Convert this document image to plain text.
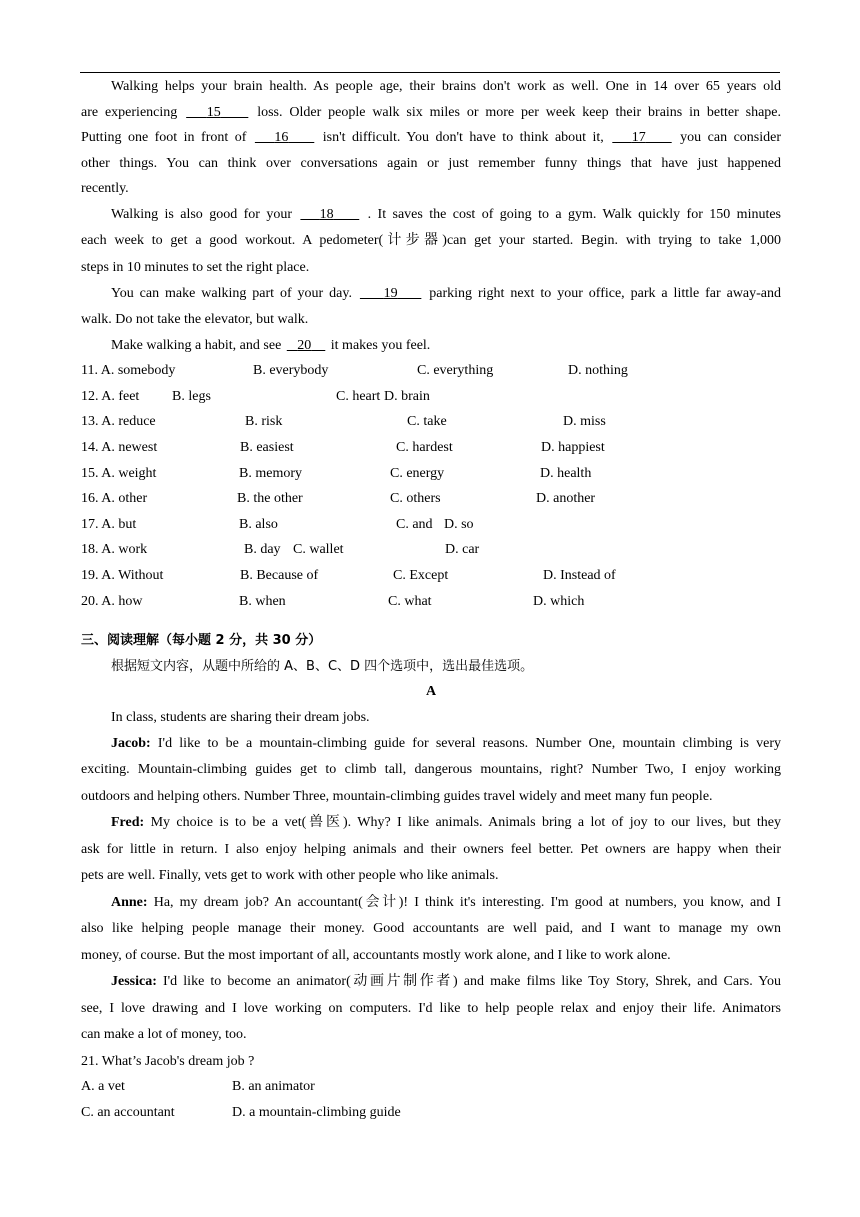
Walking helps your brain health. As people age, their brains don't work as well. One in 14 over 65 years old
are experiencing 15	loss. Older people walk six miles or more per week keep their brains in better shape.
Putting one foot in front of 16 isn't difficult. You don't have to think about it, 17 you can consider
other things. You can think over conversations again or just remember funny things that have just happened
recently.
Walking is also good for your 18 . It saves the cost of going to a gym. Walk quickly for 150 minutes
each week to get a good workout. A pedometer(计步器)can get your started. Begin. with trying to take 1,000
steps in 10 minutes to set the right place.
You can make walking part of your day. 19 parking right next to your office, park a little far away-and
walk. Do not take the elevator, but walk.
Make walking a habit, and see 20 it makes you feel.
11. A. somebody	B. everybody	C. everything	D. nothing
12. A. feet B. legs	C. heart D. brain
13. A. reduce	B. risk	C. take	D. miss
14. A. newest	B. easiest	C. hardest	D. happiest
15. A. weight	B. memory	C. energy	D. health
16. A. other	B. the other	C. others	D. another
17. A. but	B. also	C. and D. so
18. A. work	B. day C. wallet	D. car
19. A. Without	B. Because of	C. Except	D. Instead of
20. A. how	B. when	C. what	D. which
三、阅读理解（每小题 2 分，共 30 分）
根据短文内容，从题中所给的 A、B、C、D 四个选项中，选出最佳选项。
A
In class, students are sharing their dream jobs.
Jacob: I'd like to be a mountain-climbing guide for several reasons. Number One, mountain climbing is very
exciting. Mountain-climbing guides get to climb tall, dangerous mountains, right? Number Two, I enjoy working
outdoors and helping others. Number Three, mountain-climbing guides travel widely and meet many fun people.
Fred: My choice is to be a vet(兽医). Why? I like animals. Animals bring a lot of joy to our lives, but they
ask for little in return. I also enjoy helping animals and their owners feel better. Pet owners are happy when their
pets are well. Finally, vets get to work with other people who like animals.
Anne: Ha, my dream job? An accountant(会计)! I think it's interesting. I'm good at numbers, you know, and I
also like helping people manage their money. Good accountants are well paid, and I want to manage my own
money, of course. But the most important of all, accountants mostly work alone, and I like to work alone.
Jessica: I'd like to become an animator(动画片制作者) and make films like Toy Story, Shrek, and Cars. You
see, I love drawing and I love working on computers. I'd like to help people relax and enjoy their life. Animators
can make a lot of money, too.
21. What’s Jacob's dream job ?
A. a vet	B. an animator
C. an accountant	D. a mountain-climbing guide
